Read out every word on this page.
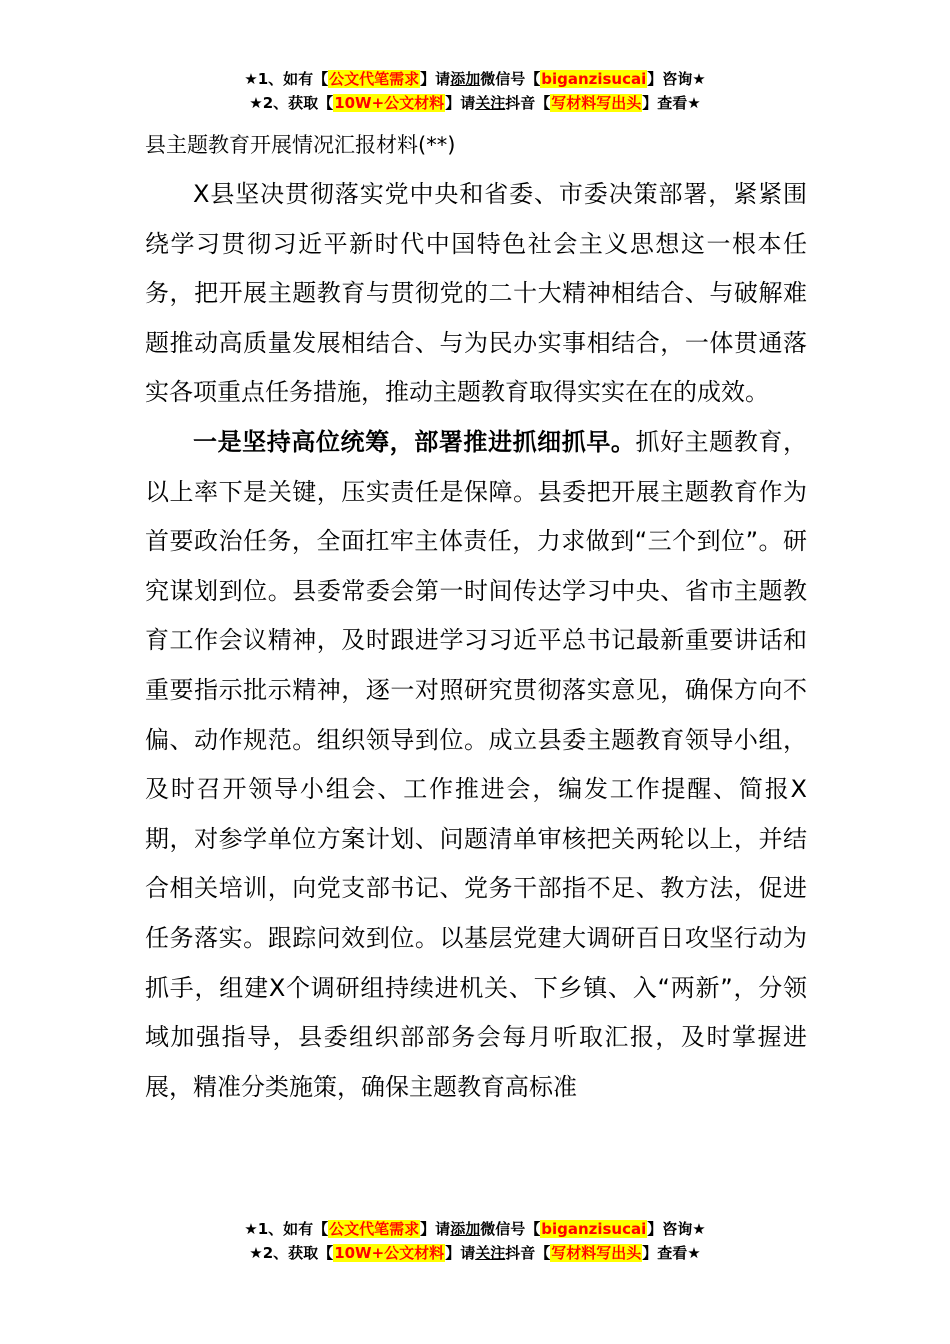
★1、如有【公文代笔需求】请添加微信号【biganzisucai】咨询★
★2、获取【10W+公文材料】请关注抖音【写材料写出头】查看★
县主题教育开展情况汇报材料(**)

X县坚决贯彻落实党中央和省委、市委决策部署，紧紧围绕学习贯彻习近平新时代中国特色社会主义思想这一根本任务，把开展主题教育与贯彻党的二十大精神相结合、与破解难题推动高质量发展相结合、与为民办实事相结合，一体贯通落实各项重点任务措施，推动主题教育取得实实在在的成效。

一是坚持高位统筹，部署推进抓细抓早。抓好主题教育，以上率下是关键，压实责任是保障。县委把开展主题教育作为首要政治任务，全面扛牢主体责任，力求做到“三个到位”。研究谋划到位。县委常委会第一时间传达学习中央、省市主题教育工作会议精神，及时跟进学习习近平总书记最新重要讲话和重要指示批示精神，逐一对照研究贯彻落实意见，确保方向不偏、动作规范。组织领导到位。成立县委主题教育领导小组，及时召开领导小组会、工作推进会，编发工作提醒、简报X期，对参学单位方案计划、问题清单审核把关两轮以上，并结合相关培训，向党支部书记、党务干部指不足、教方法，促进任务落实。跟踪问效到位。以基层党建大调研百日攻坚行动为抓手，组建X个调研组持续进机关、下乡镇、入“两新”，分领域加强指导，县委组织部部务会每月听取汇报，及时掌握进展，精准分类施策，确保主题教育高标准

★1、如有【公文代笔需求】请添加微信号【biganzisucai】咨询★
★2、获取【10W+公文材料】请关注抖音【写材料写出头】查看★
